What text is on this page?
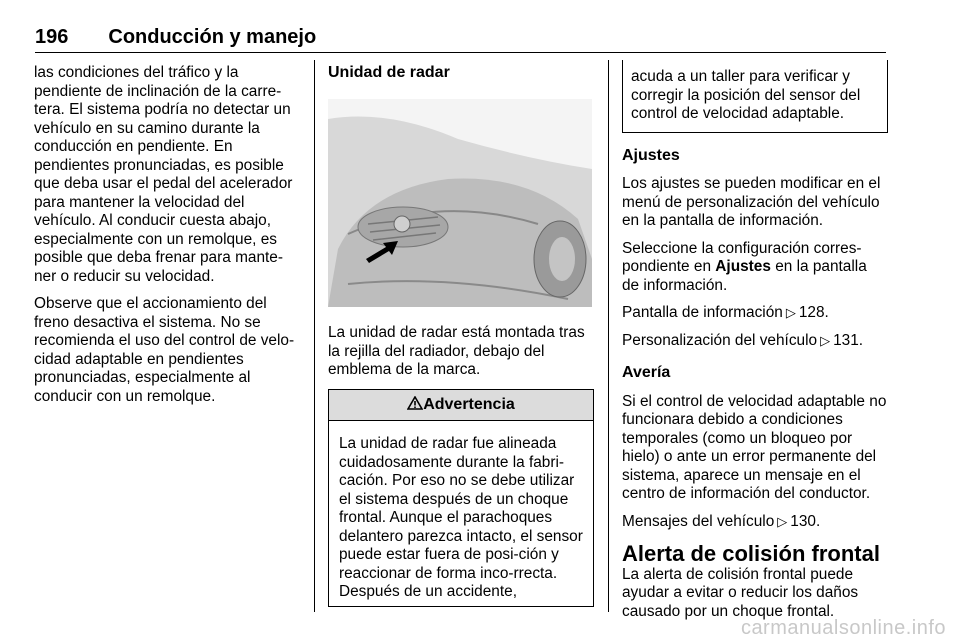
196 Conducción y manejo

las condiciones del tráfico y la pendiente de inclinación de la carre-tera. El sistema podría no detectar un vehículo en su camino durante la conducción en pendiente. En pendientes pronunciadas, es posible que deba usar el pedal del acelerador para mantener la velocidad del vehículo. Al conducir cuesta abajo, especialmente con un remolque, es posible que deba frenar para mante-ner o reducir su velocidad.

Observe que el accionamiento del freno desactiva el sistema. No se recomienda el uso del control de velo-cidad adaptable en pendientes pronunciadas, especialmente al conducir con un remolque.

Unidad de radar

La unidad de radar está montada tras la rejilla del radiador, debajo del emblema de la marca.

Advertencia
La unidad de radar fue alineada cuidadosamente durante la fabri-cación. Por eso no se debe utilizar el sistema después de un choque frontal. Aunque el parachoques delantero parezca intacto, el sensor puede estar fuera de posi-ción y reaccionar de forma inco-rrecta. Después de un accidente,
acuda a un taller para verificar y corregir la posición del sensor del control de velocidad adaptable.
Ajustes

Los ajustes se pueden modificar en el menú de personalización del vehículo en la pantalla de información.

Seleccione la configuración corres-pondiente en Ajustes en la pantalla de información.

Pantalla de información ▷ 128.

Personalización del vehículo ▷ 131.

Avería

Si el control de velocidad adaptable no funcionara debido a condiciones temporales (como un bloqueo por hielo) o ante un error permanente del sistema, aparece un mensaje en el centro de información del conductor.

Mensajes del vehículo ▷ 130.

Alerta de colisión frontal

La alerta de colisión frontal puede ayudar a evitar o reducir los daños causado por un choque frontal.

carmanualsonline.info
